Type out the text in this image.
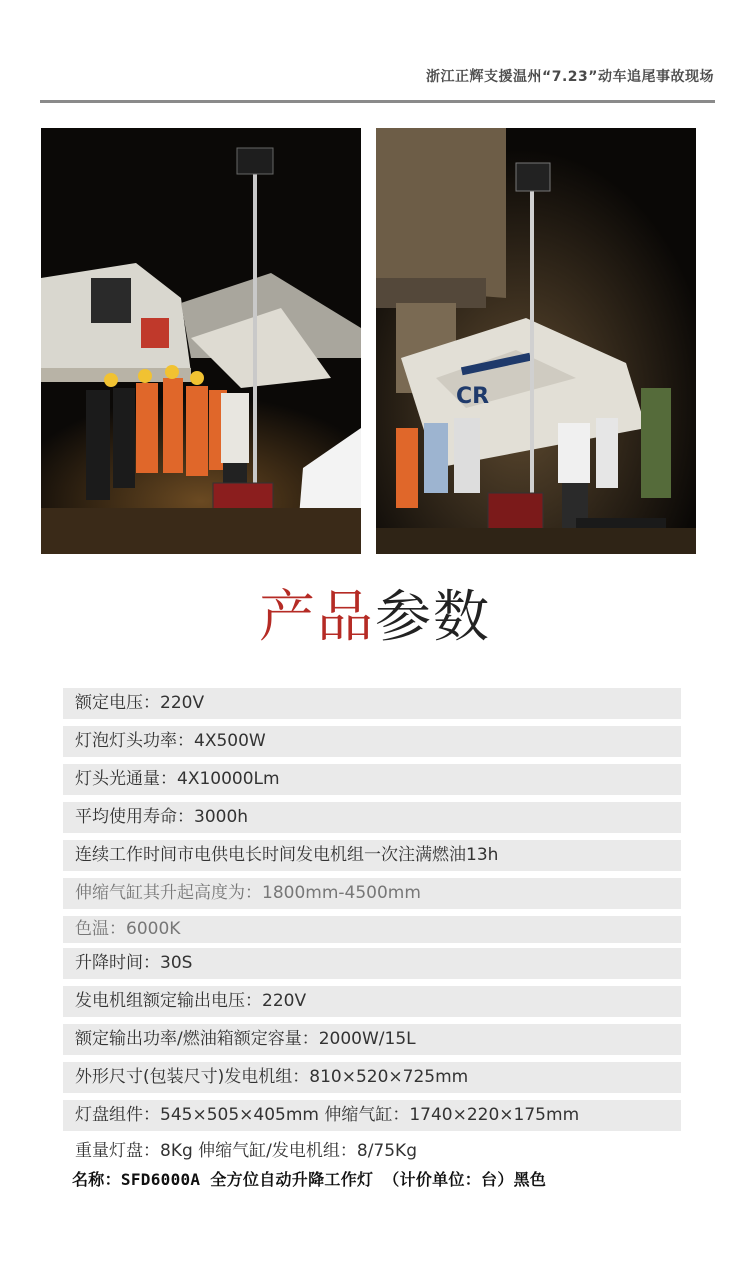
浙江正辉支援温州“7.23”动车追尾事故现场
CR
产品参数
额定电压：220V
灯泡灯头功率：4X500W
灯头光通量：4X10000Lm
平均使用寿命：3000h
连续工作时间市电供电长时间发电机组一次注满燃油13h
伸缩气缸其升起高度为：1800mm-4500mm
色温：6000K
升降时间：30S
发电机组额定输出电压：220V
额定输出功率/燃油箱额定容量：2000W/15L
外形尺寸(包装尺寸)发电机组：810×520×725mm
灯盘组件：545×505×405mm 伸缩气缸：1740×220×175mm
重量灯盘：8Kg 伸缩气缸/发电机组：8/75Kg
名称：SFD6000A 全方位自动升降工作灯 （计价单位：台）黑色
